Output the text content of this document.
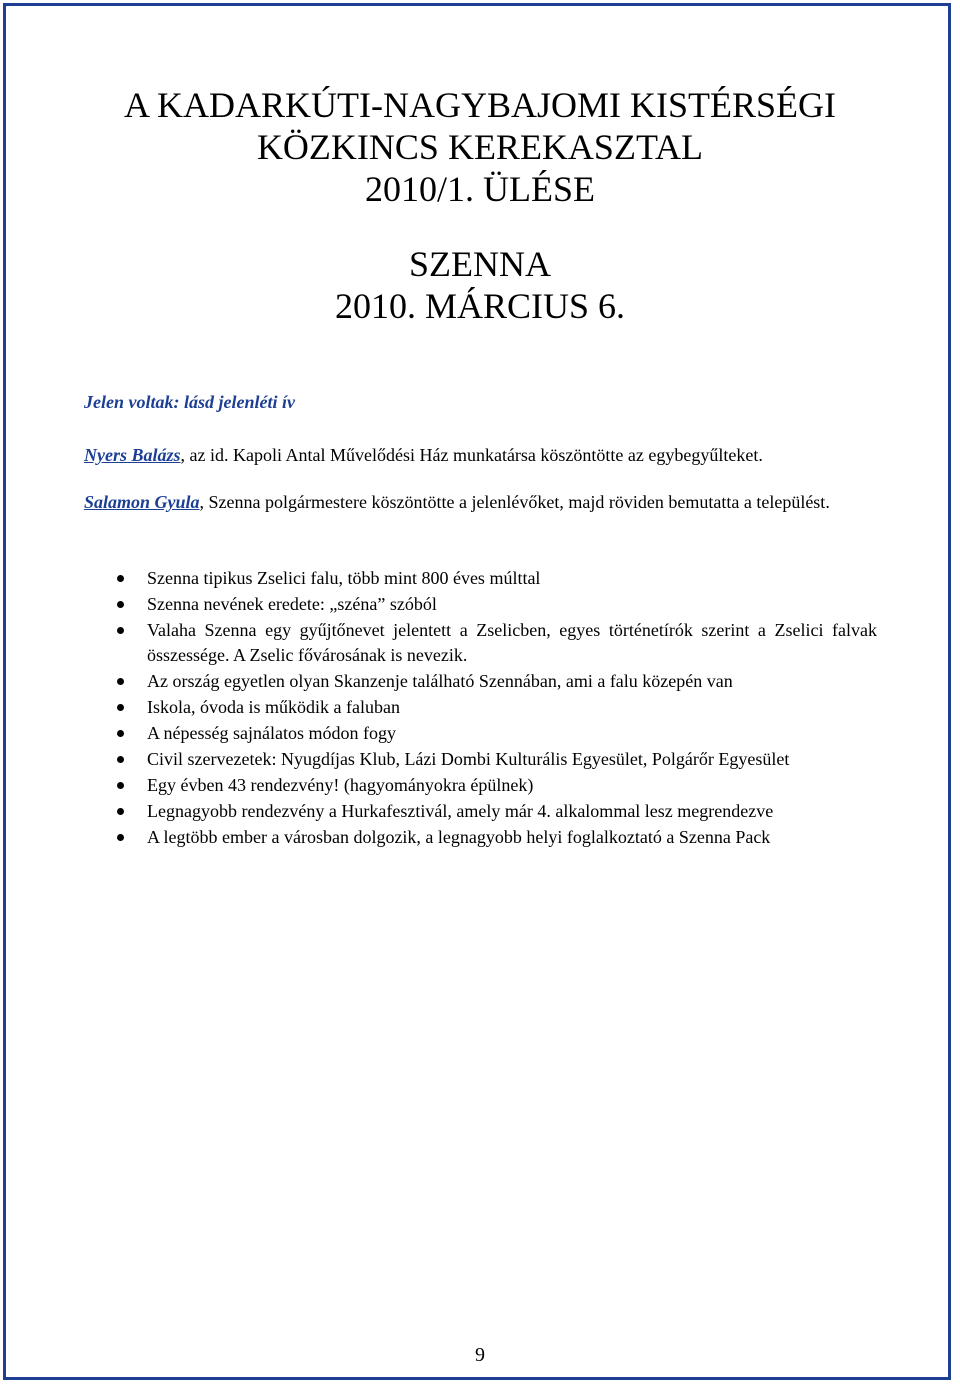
A KADARKÚTI-NAGYBAJOMI KISTÉRSÉGI
KÖZKINCS KEREKASZTAL
2010/1. ÜLÉSE
SZENNA
2010. MÁRCIUS 6.
Jelen voltak: lásd jelenléti ív
Nyers Balázs, az id. Kapoli Antal Művelődési Ház munkatársa köszöntötte az egybegyűlteket.
Salamon Gyula, Szenna polgármestere köszöntötte a jelenlévőket, majd röviden bemutatta a települést.
Szenna tipikus Zselici falu, több mint 800 éves múlttal
Szenna nevének eredete: „széna” szóból
Valaha Szenna egy gyűjtőnevet jelentett a Zselicben, egyes történetírók szerint a Zselici falvak összessége. A Zselic fővárosának is nevezik.
Az ország egyetlen olyan Skanzenje található Szennában, ami a falu közepén van
Iskola, óvoda is működik a faluban
A népesség sajnálatos módon fogy
Civil szervezetek: Nyugdíjas Klub, Lázi Dombi Kulturális Egyesület, Polgárőr Egyesület
Egy évben 43 rendezvény! (hagyományokra épülnek)
Legnagyobb rendezvény a Hurkafesztivál, amely már 4. alkalommal lesz megrendezve
A legtöbb ember a városban dolgozik, a legnagyobb helyi foglalkoztató a Szenna Pack
9
